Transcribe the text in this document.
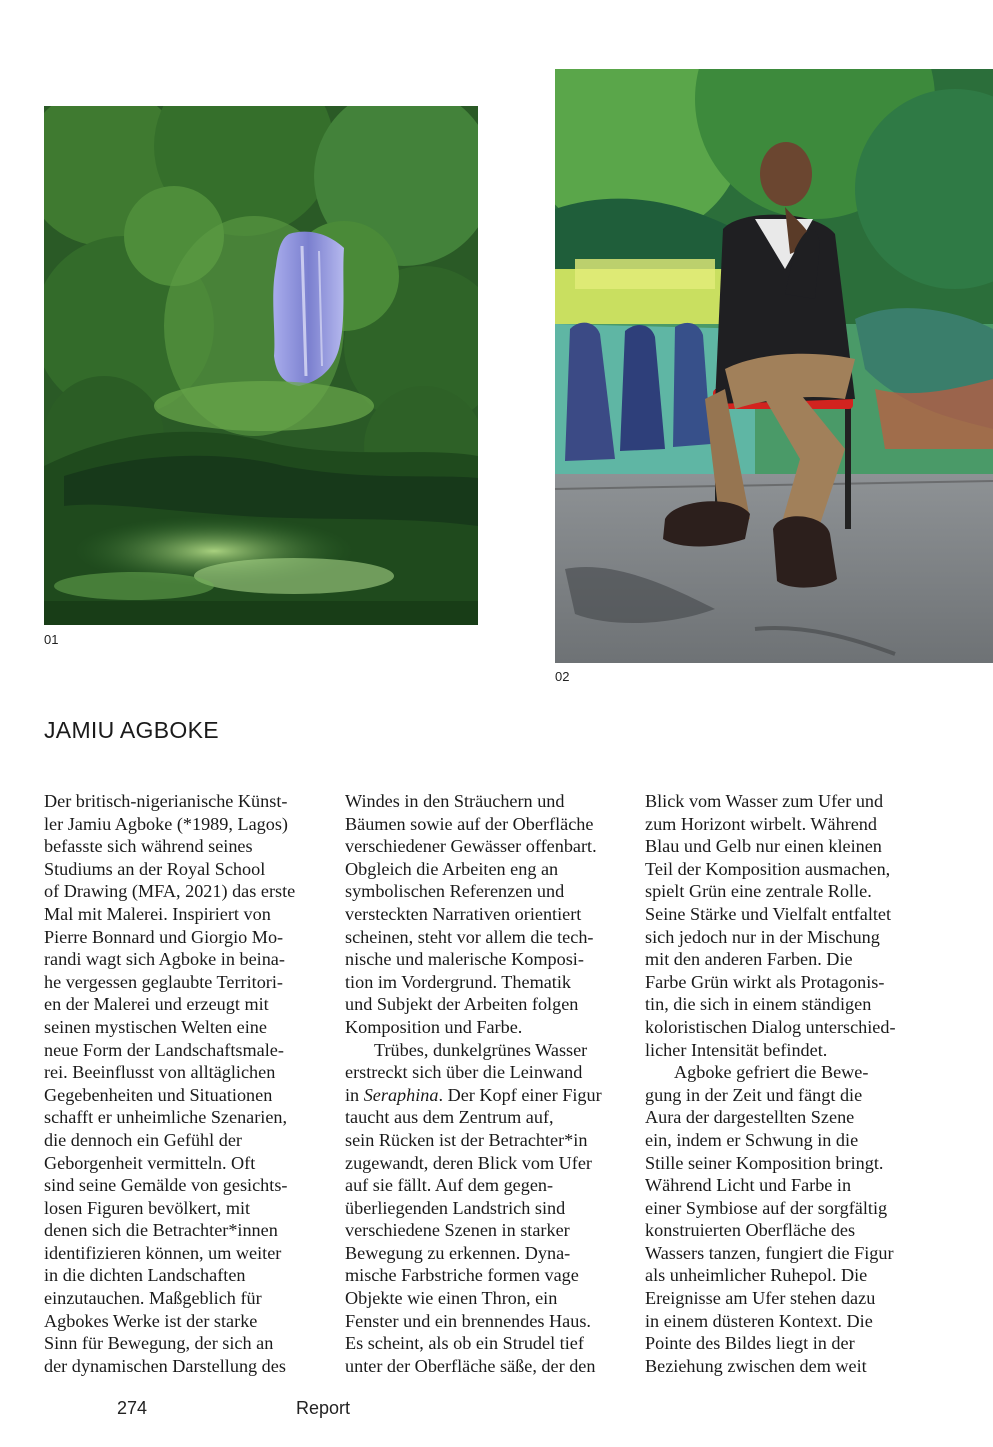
01
02
JAMIU AGBOKE
Der britisch-nigerianische Künst-
ler Jamiu Agboke (*1989, Lagos)
befasste sich während seines
Studiums an der Royal School
of Drawing (MFA, 2021) das erste
Mal mit Malerei. Inspiriert von
Pierre Bonnard und Giorgio Mo-
randi wagt sich Agboke in beina-
he vergessen geglaubte Territori-
en der Malerei und erzeugt mit
seinen mystischen Welten eine
neue Form der Landschaftsmale-
rei. Beeinflusst von alltäglichen
Gegebenheiten und Situationen
schafft er unheimliche Szenarien,
die dennoch ein Gefühl der
Geborgenheit vermitteln. Oft
sind seine Gemälde von gesichts-
losen Figuren bevölkert, mit
denen sich die Betrachter*innen
identifizieren können, um weiter
in die dichten Landschaften
einzutauchen. Maßgeblich für
Agbokes Werke ist der starke
Sinn für Bewegung, der sich an
der dynamischen Darstellung des
Windes in den Sträuchern und
Bäumen sowie auf der Oberfläche
verschiedener Gewässer offenbart.
Obgleich die Arbeiten eng an
symbolischen Referenzen und
versteckten Narrativen orientiert
scheinen, steht vor allem die tech-
nische und malerische Komposi-
tion im Vordergrund. Thematik
und Subjekt der Arbeiten folgen
Komposition und Farbe.
Trübes, dunkelgrünes Wasser
erstreckt sich über die Leinwand
in Seraphina. Der Kopf einer Figur
taucht aus dem Zentrum auf,
sein Rücken ist der Betrachter*in
zugewandt, deren Blick vom Ufer
auf sie fällt. Auf dem gegen-
überliegenden Landstrich sind
verschiedene Szenen in starker
Bewegung zu erkennen. Dyna-
mische Farbstriche formen vage
Objekte wie einen Thron, ein
Fenster und ein brennendes Haus.
Es scheint, als ob ein Strudel tief
unter der Oberfläche säße, der den
Blick vom Wasser zum Ufer und
zum Horizont wirbelt. Während
Blau und Gelb nur einen kleinen
Teil der Komposition ausmachen,
spielt Grün eine zentrale Rolle.
Seine Stärke und Vielfalt entfaltet
sich jedoch nur in der Mischung
mit den anderen Farben. Die
Farbe Grün wirkt als Protagonis-
tin, die sich in einem ständigen
koloristischen Dialog unterschied-
licher Intensität befindet.
Agboke gefriert die Bewe-
gung in der Zeit und fängt die
Aura der dargestellten Szene
ein, indem er Schwung in die
Stille seiner Komposition bringt.
Während Licht und Farbe in
einer Symbiose auf der sorgfältig
konstruierten Oberfläche des
Wassers tanzen, fungiert die Figur
als unheimlicher Ruhepol. Die
Ereignisse am Ufer stehen dazu
in einem düsteren Kontext. Die
Pointe des Bildes liegt in der
Beziehung zwischen dem weit
274	Report
